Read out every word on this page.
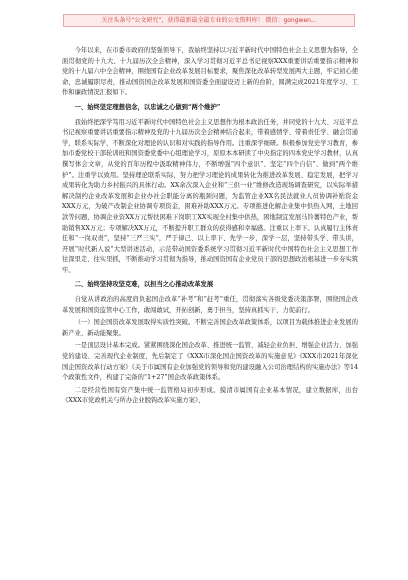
关注头条号“公文研究”，获得最新最全最专业的公文资料库！ 微信：gongwen...

今年以来，在市委市政府的坚强领导下，我始终坚持以习近平新时代中国特色社会主义思想为指导，全面贯彻党的十九大、十九届历次全会精神，深入学习贯彻习近平总书记视察XXX重要讲话重要指示精神和党的十九届六中全会精神，围绕国有企业改革发展目标要求，聚焦深化改革转型发展两大主题，牢记初心使命，忠诚履职尽责，推动国资国企改革发展和国资委全面建设迈上新的台阶，圆满完成2021年度学习、工作和廉政情况汇报如下。

一、始终坚定理想信念，以忠诚之心做到“两个维护”

我始终把深学笃用习近平新时代中国特色社会主义思想作为根本政治任务，并同党的十九大、习近平总书记视察重要讲话重要指示精神及党的十九届历次全会精神结合起来，带着感情学、带着责任学、融会贯通学，联系实际学，不断深化对理论的认识和对实践的指导作用。注重深学细研。积极参加党史学习教育，参加市委党校干部轮训班和国资委党委中心组理论学习，原原本本研读了中央指定的四本党史学习教材，认真撰写体会文章，从党的百年历程中汲取精神伟力，不断增强“四个意识”、坚定“四个自信”、做到“两个维护”。注重学以致用。坚持理论联系实际，努力把学习理论的成果转化为推进改革发展、稳定发展，把学习成果转化为助力乡村振兴的具体行动。XX余次深入企业和“三供一业”维修改造现场调查研究，以实际举措解决制约企业改革发展和企业办社会职能分离的瓶颈问题，为监管企业XX名民法就业人员协调补贴资金XXX万元，为破产改制企业协调专项资金，困难补助XXX万元。专项推进化解企业集中供热入网，土地回款等问题，协调企业资XX万元帮扶困难下岗职工XX实现全村集中供热，困地制宜发展马铃薯特色产业，帮助销售XX万元；专项解决XX万元，不断提升职工群众的获得感和幸福感。注重以上率下。认真履行主体责任和“一岗双责”，坚持“三严三实”，严于律己、以上率下、先学一步，深学一层，坚持带头学、带头讲，开展“时代新人说”大型讲述活动，示范带动国资委系统学习贯彻习近平新时代中国特色社会主义思想工作往深里走、往实里抓，不断推动学习贯彻为指导，推动国资国有企业党员干部的思想政治根基进一步夯实筑牢。

二、始终坚持攻坚克难，以担当之心推动改革发展

自觉从讲政治的高度肩负起国企改革“补考”和“赶考”重任，贯彻落实各级党委决策部署，围绕国企改革发展和国资监管中心工作，敢闯敢试，开拓创新，勇于担当，坚持真抓实干，力促前行。

（一）国企国资改革发展取得实质性突破。不断完善国企改革政策体系，以项目为载体推进企业发展的新产业、新动能聚集。

一是顶层设计基本完成。紧紧围绕深化国企改革、推进统一监管、减轻企业负担、增强企业活力、加强党的建设、完善现代企业制度，先后制定了《XXX市深化国企国资改革的实施意见》《XXX市2021年深化国企国资改革行动方案》《关于市属国有企业加强党的领导和党的建设融入公司治理结构的实施办法》等14个政策性文件，构建了完备的“1+27”国企改革政策体系。

二是经营性国有资产集中统一监管格局初步形成。摸清市属国有企业基本情况，建立数据库，出台《XXX市党政机关与所办企业脱钩改革实施方案》，
